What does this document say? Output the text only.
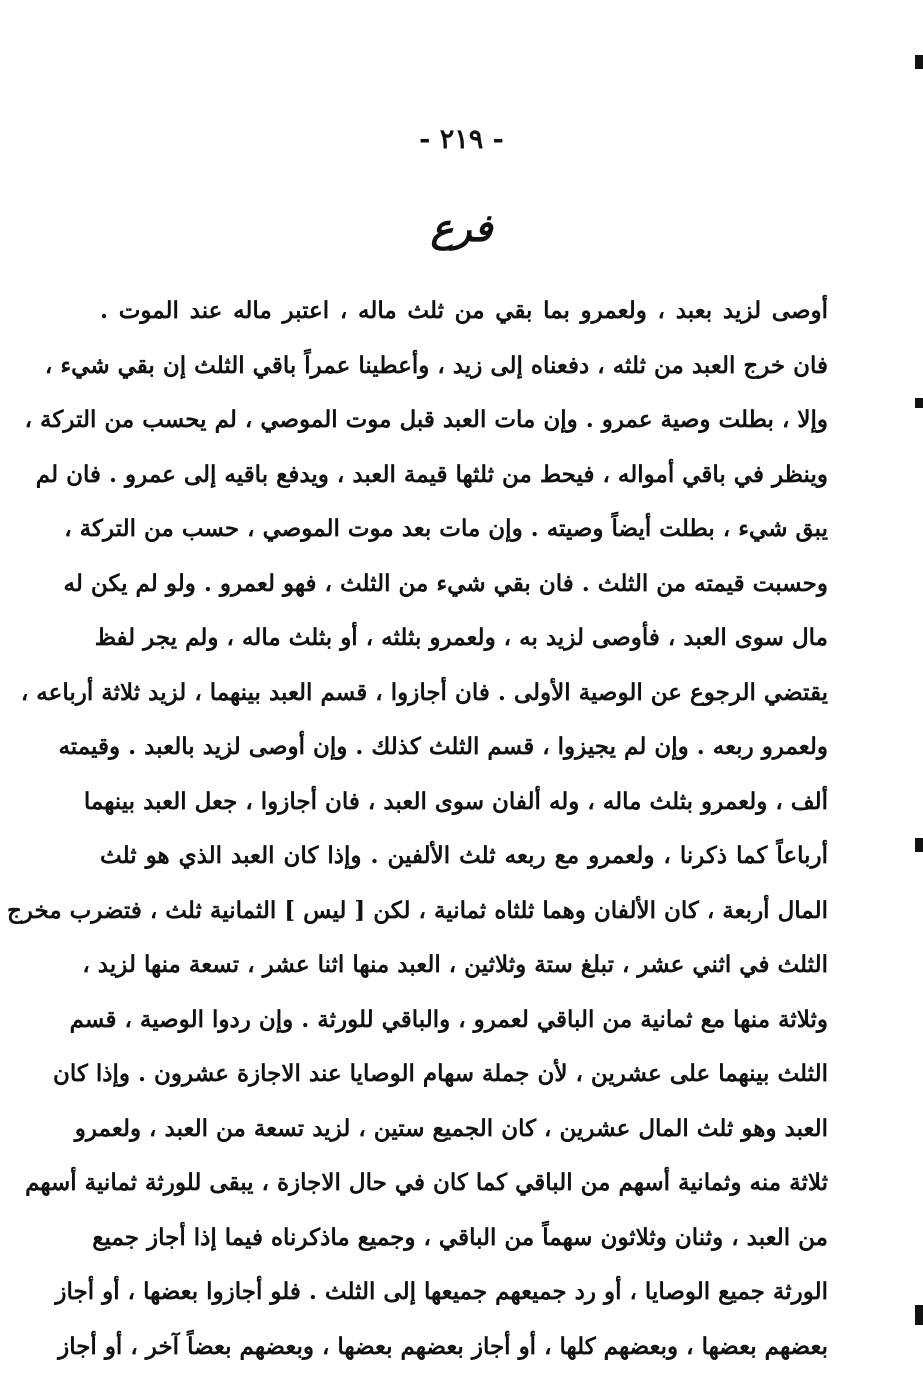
- ٢١٩ -
فرع
أوصى لزيد بعبد ، ولعمرو بما بقي من ثلث ماله ، اعتبر ماله عند الموت .
فان خرج العبد من ثلثه ، دفعناه إلى زيد ، وأعطينا عمراً باقي الثلث إن بقي شيء ،
وإلا ، بطلت وصية عمرو . وإن مات العبد قبل موت الموصي ، لم يحسب من التركة ،
وينظر في باقي أمواله ، فيحط من ثلثها قيمة العبد ، ويدفع باقيه إلى عمرو . فان لم
يبق شيء ، بطلت أيضاً وصيته . وإن مات بعد موت الموصي ، حسب من التركة ،
وحسبت قيمته من الثلث . فان بقي شيء من الثلث ، فهو لعمرو . ولو لم يكن له
مال سوى العبد ، فأوصى لزيد به ، ولعمرو بثلثه ، أو بثلث ماله ، ولم يجر لفظ
يقتضي الرجوع عن الوصية الأولى . فان أجازوا ، قسم العبد بينهما ، لزيد ثلاثة أرباعه ،
ولعمرو ربعه . وإن لم يجيزوا ، قسم الثلث كذلك . وإن أوصى لزيد بالعبد . وقيمته
ألف ، ولعمرو بثلث ماله ، وله ألفان سوى العبد ، فان أجازوا ، جعل العبد بينهما
أرباعاً كما ذكرنا ، ولعمرو مع ربعه ثلث الألفين . وإذا كان العبد الذي هو ثلث
المال أربعة ، كان الألفان وهما ثلثاه ثمانية ، لكن [ ليس ] الثمانية ثلث ، فتضرب مخرج
الثلث في اثني عشر ، تبلغ ستة وثلاثين ، العبد منها اثنا عشر ، تسعة منها لزيد ،
وثلاثة منها مع ثمانية من الباقي لعمرو ، والباقي للورثة . وإن ردوا الوصية ، قسم
الثلث بينهما على عشرين ، لأن جملة سهام الوصايا عند الاجازة عشرون . وإذا كان
العبد وهو ثلث المال عشرين ، كان الجميع ستين ، لزيد تسعة من العبد ، ولعمرو
ثلاثة منه وثمانية أسهم من الباقي كما كان في حال الاجازة ، يبقى للورثة ثمانية أسهم
من العبد ، وثنان وثلاثون سهماً من الباقي ، وجميع ماذكرناه فيما إذا أجاز جميع
الورثة جميع الوصايا ، أو رد جميعهم جميعها إلى الثلث . فلو أجازوا بعضها ، أو أجاز
بعضهم بعضها ، وبعضهم كلها ، أو أجاز بعضهم بعضها ، وبعضهم بعضاً آخر ، أو أجاز
